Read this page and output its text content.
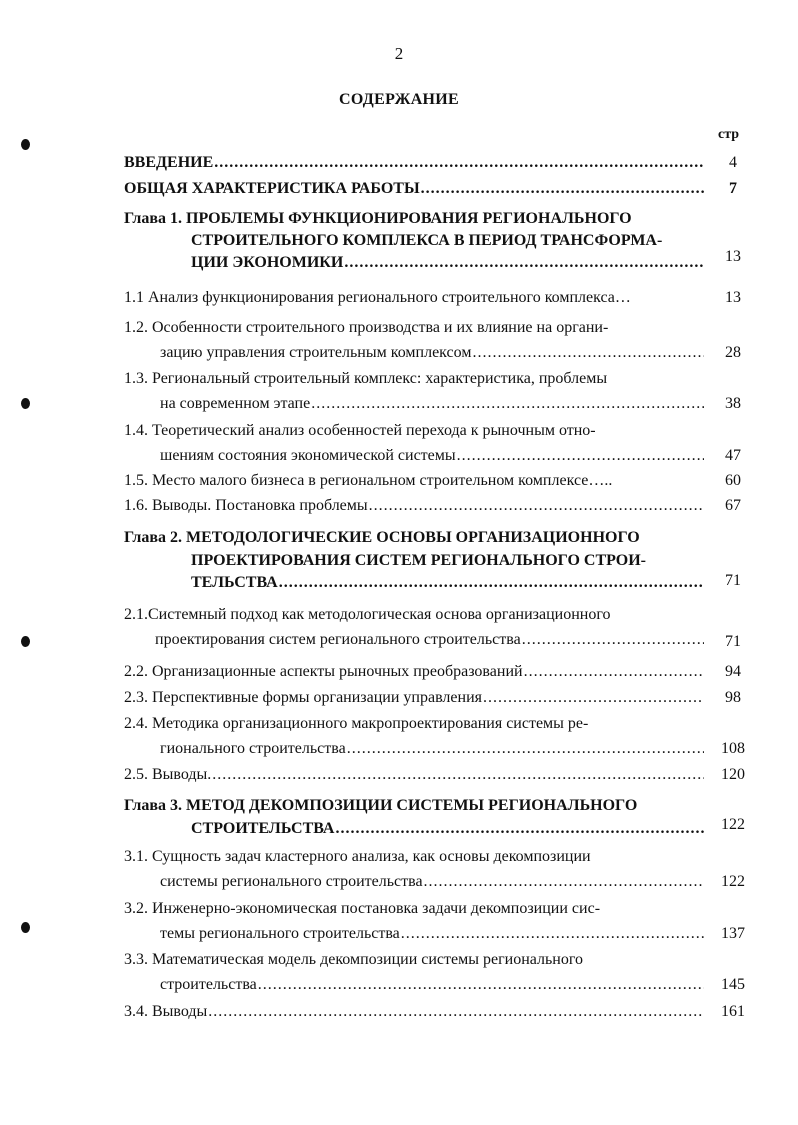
2
СОДЕРЖАНИЕ
стр
ВВЕДЕНИЕ . . .	4
ОБЩАЯ ХАРАКТЕРИСТИКА РАБОТЫ . . .	7
Глава 1. ПРОБЛЕМЫ ФУНКЦИОНИРОВАНИЯ РЕГИОНАЛЬНОГО
СТРОИТЕЛЬНОГО КОМПЛЕКСА В ПЕРИОД ТРАНСФОРМА-
ЦИИ ЭКОНОМИКИ . . .	13
1.1 Анализ функционирования регионального строительного комплекса…	13
1.2. Особенности строительного производства и их влияние на органи-
зацию управления строительным комплексом . . .	28
1.3. Региональный строительный комплекс: характеристика, проблемы
на современном этапе . . .	38
1.4. Теоретический анализ особенностей перехода к рыночным отно-
шениям состояния экономической системы . . .	47
1.5. Место малого бизнеса в региональном строительном комплексе…..	60
1.6. Выводы. Постановка проблемы . . .	67
Глава 2. МЕТОДОЛОГИЧЕСКИЕ ОСНОВЫ ОРГАНИЗАЦИОННОГО
ПРОЕКТИРОВАНИЯ СИСТЕМ РЕГИОНАЛЬНОГО СТРОИ-
ТЕЛЬСТВА . . .	71
2.1.Системный подход как методологическая основа организационного
проектирования систем регионального строительства . . .	71
2.2. Организационные аспекты рыночных преобразований . . .	94
2.3. Перспективные формы организации управления . . .	98
2.4. Методика организационного макропроектирования системы ре-
гионального строительства . . .	108
2.5. Выводы. . . .	120
Глава 3. МЕТОД ДЕКОМПОЗИЦИИ СИСТЕМЫ РЕГИОНАЛЬНОГО
СТРОИТЕЛЬСТВА . . .	122
3.1. Сущность задач кластерного анализа, как основы декомпозиции
системы регионального строительства . . .	122
3.2. Инженерно-экономическая постановка задачи декомпозиции сис-
темы регионального строительства . . .	137
3.3. Математическая модель декомпозиции системы регионального
строительства . . .	145
3.4. Выводы . . .	161
